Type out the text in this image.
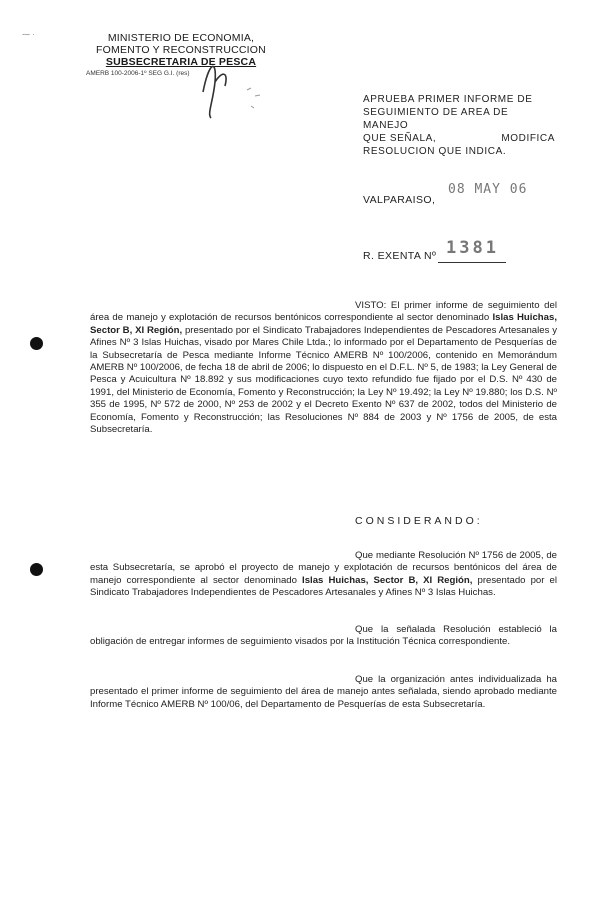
⁓ ·	MINISTERIO DE ECONOMIA,
FOMENTO Y RECONSTRUCCION
SUBSECRETARIA DE PESCA
AMERB 100-2006-1º SEG G.I. (res)
APRUEBA PRIMER INFORME DE
SEGUIMIENTO DE AREA DE MANEJO
QUE SEÑALA,	MODIFICA
RESOLUCION QUE INDICA.
VALPARAISO,
08 MAY 06
R. EXENTA Nº 1381
VISTO: El primer informe de seguimiento del área de manejo y explotación de recursos bentónicos correspondiente al sector denominado Islas Huichas, Sector B, XI Región, presentado por el Sindicato Trabajadores Independientes de Pescadores Artesanales y Afines Nº 3 Islas Huichas, visado por Mares Chile Ltda.; lo informado por el Departamento de Pesquerías de la Subsecretaría de Pesca mediante Informe Técnico AMERB Nº 100/2006, contenido en Memorándum AMERB Nº 100/2006, de fecha 18 de abril de 2006; lo dispuesto en el D.F.L. Nº 5, de 1983; la Ley General de Pesca y Acuicultura Nº 18.892 y sus modificaciones cuyo texto refundido fue fijado por el D.S. Nº 430 de 1991, del Ministerio de Economía, Fomento y Reconstrucción; la Ley Nº 19.492; la Ley Nº 19.880; los D.S. Nº 355 de 1995, Nº 572 de 2000, Nº 253 de 2002 y el Decreto Exento Nº 637 de 2002, todos del Ministerio de Economía, Fomento y Reconstrucción; las Resoluciones Nº 884 de 2003 y Nº 1756 de 2005, de esta Subsecretaría.
CONSIDERANDO:
Que mediante Resolución Nº 1756 de 2005, de esta Subsecretaría, se aprobó el proyecto de manejo y explotación de recursos bentónicos del área de manejo correspondiente al sector denominado Islas Huichas, Sector B, XI Región, presentado por el Sindicato Trabajadores Independientes de Pescadores Artesanales y Afines Nº 3 Islas Huichas.
Que la señalada Resolución estableció la obligación de entregar informes de seguimiento visados por la Institución Técnica correspondiente.
Que la organización antes individualizada ha presentado el primer informe de seguimiento del área de manejo antes señalada, siendo aprobado mediante Informe Técnico AMERB Nº 100/06, del Departamento de Pesquerías de esta Subsecretaría.
